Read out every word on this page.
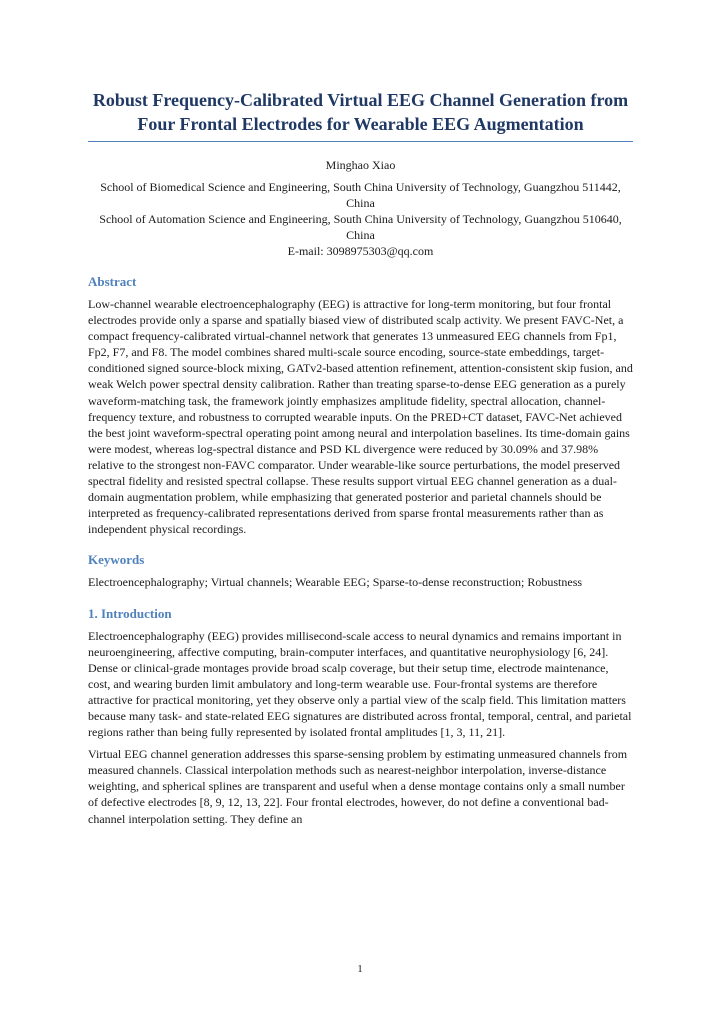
Robust Frequency-Calibrated Virtual EEG Channel Generation from Four Frontal Electrodes for Wearable EEG Augmentation
Minghao Xiao
School of Biomedical Science and Engineering, South China University of Technology, Guangzhou 511442, China
School of Automation Science and Engineering, South China University of Technology, Guangzhou 510640, China
E-mail: 3098975303@qq.com
Abstract

Low-channel wearable electroencephalography (EEG) is attractive for long-term monitoring, but four frontal electrodes provide only a sparse and spatially biased view of distributed scalp activity. We present FAVC-Net, a compact frequency-calibrated virtual-channel network that generates 13 unmeasured EEG channels from Fp1, Fp2, F7, and F8. The model combines shared multi-scale source encoding, source-state embeddings, target-conditioned signed source-block mixing, GATv2-based attention refinement, attention-consistent skip fusion, and weak Welch power spectral density calibration. Rather than treating sparse-to-dense EEG generation as a purely waveform-matching task, the framework jointly emphasizes amplitude fidelity, spectral allocation, channel-frequency texture, and robustness to corrupted wearable inputs. On the PRED+CT dataset, FAVC-Net achieved the best joint waveform-spectral operating point among neural and interpolation baselines. Its time-domain gains were modest, whereas log-spectral distance and PSD KL divergence were reduced by 30.09% and 37.98% relative to the strongest non-FAVC comparator. Under wearable-like source perturbations, the model preserved spectral fidelity and resisted spectral collapse. These results support virtual EEG channel generation as a dual-domain augmentation problem, while emphasizing that generated posterior and parietal channels should be interpreted as frequency-calibrated representations derived from sparse frontal measurements rather than as independent physical recordings.

Keywords

Electroencephalography; Virtual channels; Wearable EEG; Sparse-to-dense reconstruction; Robustness

1. Introduction

Electroencephalography (EEG) provides millisecond-scale access to neural dynamics and remains important in neuroengineering, affective computing, brain-computer interfaces, and quantitative neurophysiology [6, 24]. Dense or clinical-grade montages provide broad scalp coverage, but their setup time, electrode maintenance, cost, and wearing burden limit ambulatory and long-term wearable use. Four-frontal systems are therefore attractive for practical monitoring, yet they observe only a partial view of the scalp field. This limitation matters because many task- and state-related EEG signatures are distributed across frontal, temporal, central, and parietal regions rather than being fully represented by isolated frontal amplitudes [1, 3, 11, 21].

Virtual EEG channel generation addresses this sparse-sensing problem by estimating unmeasured channels from measured channels. Classical interpolation methods such as nearest-neighbor interpolation, inverse-distance weighting, and spherical splines are transparent and useful when a dense montage contains only a small number of defective electrodes [8, 9, 12, 13, 22]. Four frontal electrodes, however, do not define a conventional bad-channel interpolation setting. They define an

1
